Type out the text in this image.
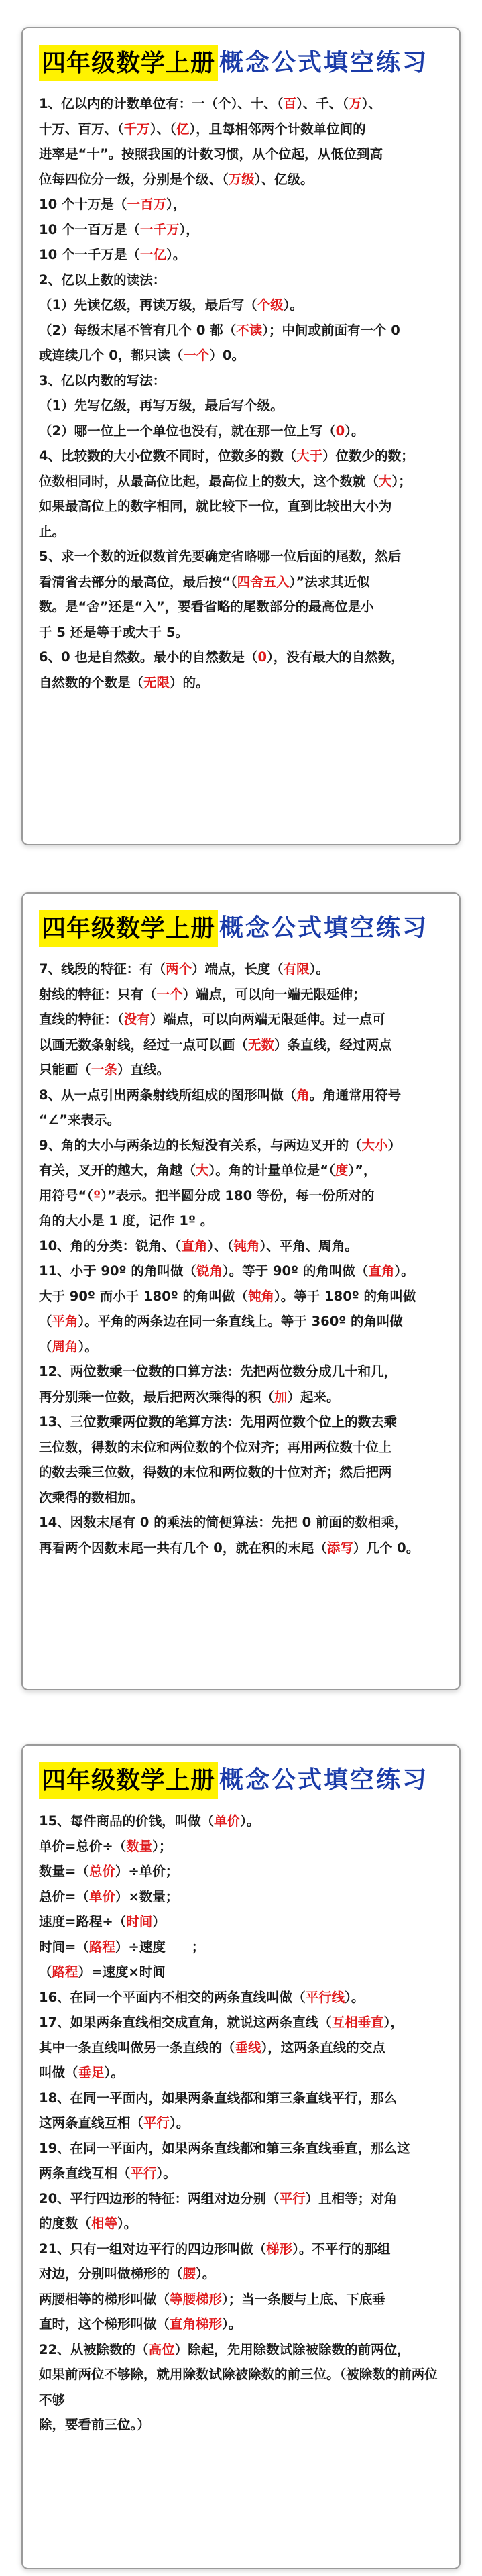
四年级数学上册 概念公式填空练习

1、亿以内的计数单位有：一（个）、十、（百）、千、（万）、

十万、百万、（千万）、（亿），且每相邻两个计数单位间的

进率是“十”。按照我国的计数习惯，从个位起，从低位到高

位每四位分一级，分别是个级、（万级）、亿级。

10 个十万是（一百万），

10 个一百万是（一千万），

10 个一千万是（一亿）。

2、亿以上数的读法：

（1）先读亿级，再读万级，最后写（个级）。

（2）每级末尾不管有几个 0 都（不读）；中间或前面有一个 0

或连续几个 0，都只读（一个）0。

3、亿以内数的写法：

（1）先写亿级，再写万级，最后写个级。

（2）哪一位上一个单位也没有，就在那一位上写（0）。

4、比较数的大小位数不同时，位数多的数（大于）位数少的数；

位数相同时，从最高位比起，最高位上的数大，这个数就（大）；

如果最高位上的数字相同，就比较下一位，直到比较出大小为

止。

5、求一个数的近似数首先要确定省略哪一位后面的尾数，然后

看清省去部分的最高位，最后按“（四舍五入）”法求其近似

数。是“舍”还是“入”，要看省略的尾数部分的最高位是小

于 5 还是等于或大于 5。

6、0 也是自然数。最小的自然数是（0），没有最大的自然数，

自然数的个数是（无限）的。

四年级数学上册 概念公式填空练习

7、线段的特征：有（两个）端点，长度（有限）。

射线的特征：只有（一个）端点，可以向一端无限延伸；

直线的特征：（没有）端点，可以向两端无限延伸。过一点可

以画无数条射线，经过一点可以画（无数）条直线，经过两点

只能画（一条）直线。

8、从一点引出两条射线所组成的图形叫做（角。角通常用符号

“∠”来表示。

9、角的大小与两条边的长短没有关系，与两边叉开的（大小）

有关，叉开的越大，角越（大）。角的计量单位是“（度）”，

用符号“（º）”表示。把半圆分成 180 等份，每一份所对的

角的大小是 1 度，记作 1º 。

10、角的分类：锐角、（直角）、（钝角）、平角、周角。

11、小于 90º 的角叫做（锐角）。等于 90º 的角叫做（直角）。

大于 90º 而小于 180º 的角叫做（钝角）。等于 180º 的角叫做

（平角）。平角的两条边在同一条直线上。等于 360º 的角叫做

（周角）。

12、两位数乘一位数的口算方法：先把两位数分成几十和几，

再分别乘一位数，最后把两次乘得的积（加）起来。

13、三位数乘两位数的笔算方法：先用两位数个位上的数去乘

三位数，得数的末位和两位数的个位对齐；再用两位数十位上

的数去乘三位数，得数的末位和两位数的十位对齐；然后把两

次乘得的数相加。

14、因数末尾有 0 的乘法的简便算法：先把 0 前面的数相乘，

再看两个因数末尾一共有几个 0，就在积的末尾（添写）几个 0。

四年级数学上册 概念公式填空练习

15、每件商品的价钱，叫做（单价）。

单价=总价÷（数量）；

数量=（总价）÷单价；

总价=（单价）×数量；

速度=路程÷（时间）

时间=（路程）÷速度　　；

（路程）=速度×时间

16、在同一个平面内不相交的两条直线叫做（平行线）。

17、如果两条直线相交成直角，就说这两条直线（互相垂直），

其中一条直线叫做另一条直线的（垂线），这两条直线的交点

叫做（垂足）。

18、在同一平面内，如果两条直线都和第三条直线平行，那么

这两条直线互相（平行）。

19、在同一平面内，如果两条直线都和第三条直线垂直，那么这

两条直线互相（平行）。

20、平行四边形的特征：两组对边分别（平行）且相等；对角

的度数（相等）。

21、只有一组对边平行的四边形叫做（梯形）。不平行的那组

对边，分别叫做梯形的（腰）。

两腰相等的梯形叫做（等腰梯形）；当一条腰与上底、下底垂

直时，这个梯形叫做（直角梯形）。

22、从被除数的（高位）除起，先用除数试除被除数的前两位，

如果前两位不够除，就用除数试除被除数的前三位。（被除数的前两位不够

除，要看前三位。）
